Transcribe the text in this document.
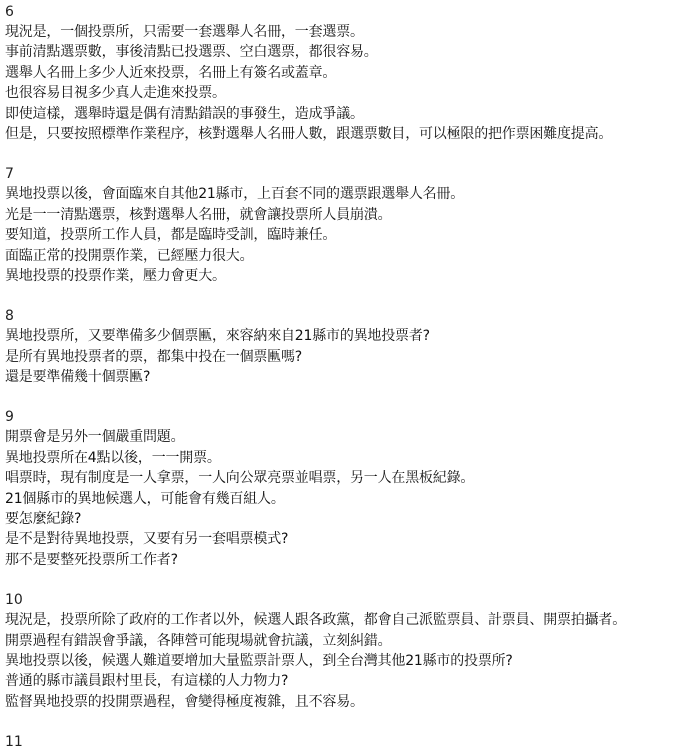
6
現況是，一個投票所，只需要一套選舉人名冊，一套選票。
事前清點選票數，事後清點已投選票、空白選票，都很容易。
選舉人名冊上多少人近來投票，名冊上有簽名或蓋章。
也很容易目視多少真人走進來投票。
即使這樣，選舉時還是偶有清點錯誤的事發生，造成爭議。
但是，只要按照標準作業程序，核對選舉人名冊人數，跟選票數目，可以極限的把作票困難度提高。
7
異地投票以後，會面臨來自其他21縣市，上百套不同的選票跟選舉人名冊。
光是一一清點選票，核對選舉人名冊，就會讓投票所人員崩潰。
要知道，投票所工作人員，都是臨時受訓，臨時兼任。
面臨正常的投開票作業，已經壓力很大。
異地投票的投票作業，壓力會更大。
8
異地投票所，又要準備多少個票匭，來容納來自21縣市的異地投票者?
是所有異地投票者的票，都集中投在一個票匭嗎?
還是要準備幾十個票匭?
9
開票會是另外一個嚴重問題。
異地投票所在4點以後，一一開票。
唱票時，現有制度是一人拿票，一人向公眾亮票並唱票，另一人在黑板紀錄。
21個縣市的異地候選人，可能會有幾百組人。
要怎麼紀錄?
是不是對待異地投票，又要有另一套唱票模式?
那不是要整死投票所工作者?
10
現況是，投票所除了政府的工作者以外，候選人跟各政黨，都會自己派監票員、計票員、開票拍攝者。
開票過程有錯誤會爭議，各陣營可能現場就會抗議，立刻糾錯。
異地投票以後，候選人難道要增加大量監票計票人，到全台灣其他21縣市的投票所?
普通的縣市議員跟村里長，有這樣的人力物力?
監督異地投票的投開票過程，會變得極度複雜，且不容易。
11
